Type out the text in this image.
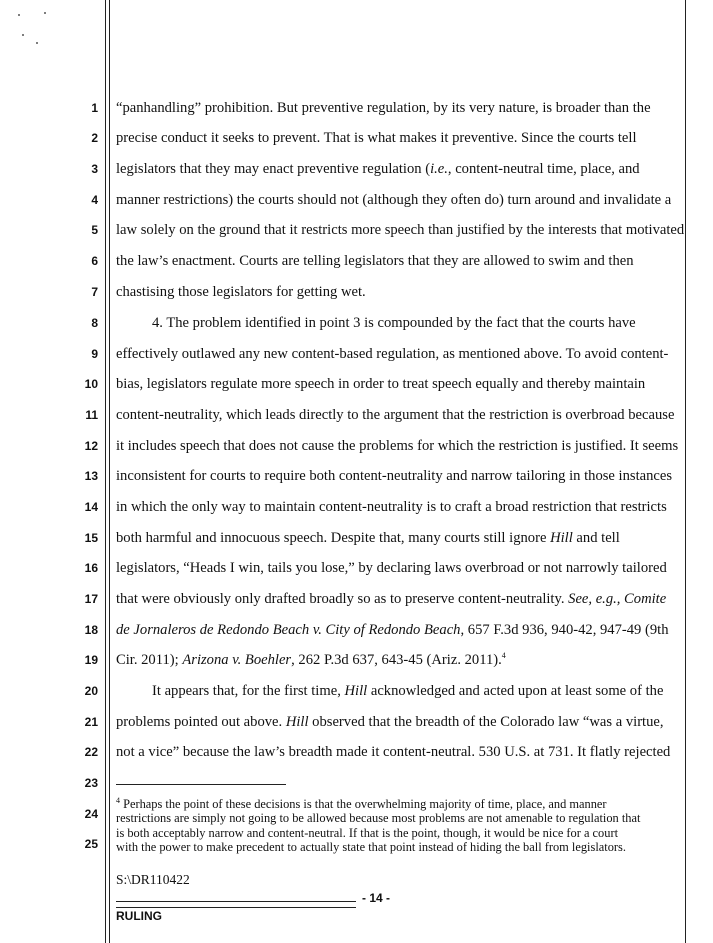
1
2
3
4
5
6
7
8
9
10
11
12
13
14
15
16
17
18
19
20
21
22
23
24
25
“panhandling” prohibition. But preventive regulation, by its very nature, is broader than the
precise conduct it seeks to prevent. That is what makes it preventive. Since the courts tell
legislators that they may enact preventive regulation (i.e., content-neutral time, place, and
manner restrictions) the courts should not (although they often do) turn around and invalidate a
law solely on the ground that it restricts more speech than justified by the interests that motivated
the law’s enactment. Courts are telling legislators that they are allowed to swim and then
chastising those legislators for getting wet.
4. The problem identified in point 3 is compounded by the fact that the courts have
effectively outlawed any new content-based regulation, as mentioned above. To avoid content-
bias, legislators regulate more speech in order to treat speech equally and thereby maintain
content-neutrality, which leads directly to the argument that the restriction is overbroad because
it includes speech that does not cause the problems for which the restriction is justified. It seems
inconsistent for courts to require both content-neutrality and narrow tailoring in those instances
in which the only way to maintain content-neutrality is to craft a broad restriction that restricts
both harmful and innocuous speech. Despite that, many courts still ignore Hill and tell
legislators, “Heads I win, tails you lose,” by declaring laws overbroad or not narrowly tailored
that were obviously only drafted broadly so as to preserve content-neutrality. See, e.g., Comite
de Jornaleros de Redondo Beach v. City of Redondo Beach, 657 F.3d 936, 940-42, 947-49 (9th
Cir. 2011); Arizona v. Boehler, 262 P.3d 637, 643-45 (Ariz. 2011).$^4$
It appears that, for the first time, Hill acknowledged and acted upon at least some of the
problems pointed out above. Hill observed that the breadth of the Colorado law “was a virtue,
not a vice” because the law’s breadth made it content-neutral. 530 U.S. at 731. It flatly rejected
$^4$ Perhaps the point of these decisions is that the overwhelming majority of time, place, and manner
restrictions are simply not going to be allowed because most problems are not amenable to regulation that
is both acceptably narrow and content-neutral. If that is the point, though, it would be nice for a court
with the power to make precedent to actually state that point instead of hiding the ball from legislators.
S:\DR110422
- 14 -
RULING
